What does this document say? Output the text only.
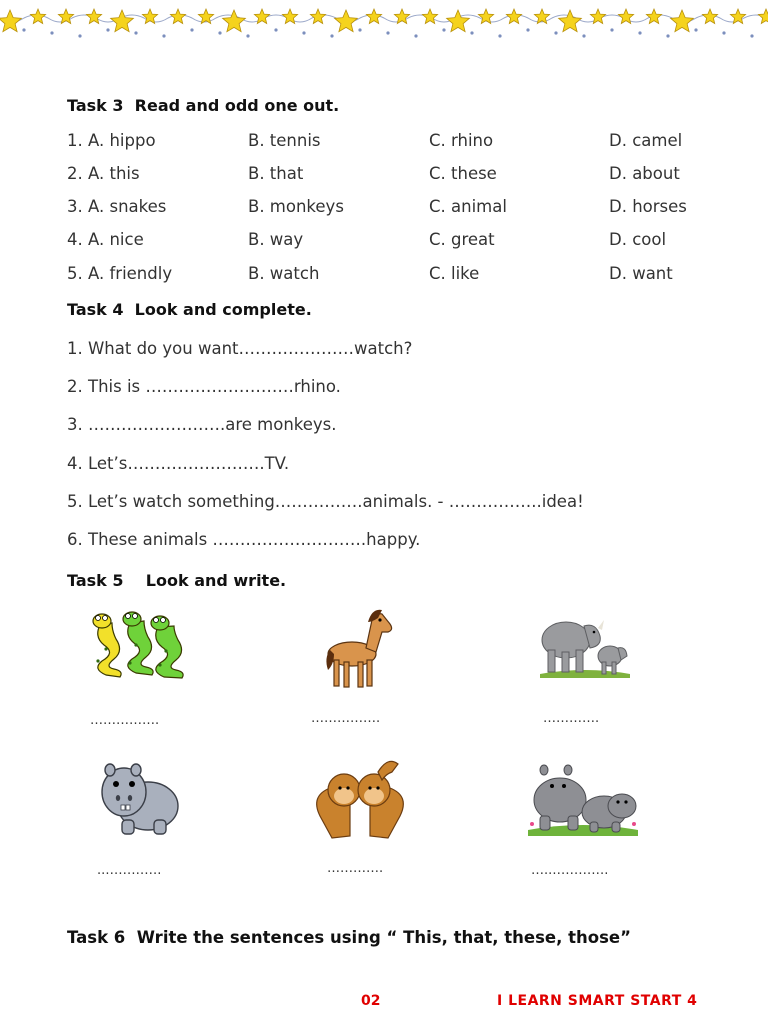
Task 3  Read and odd one out.
1. A. hippo	B. tennis	C. rhino	D. camel
2. A. this	B. that	C. these	D. about
3. A. snakes	B. monkeys	C. animal	D. horses
4. A. nice	B. way	C. great	D. cool
5. A. friendly	B. watch	C. like	D. want
Task 4  Look and complete.
1. What do you want…………………watch?
2. This is ………………………rhino.
3. …………………….are monkeys.
4. Let’s…………………….TV.
5. Let’s watch something…………….animals. - ……………..idea!
6. These animals ……………………….happy.
Task 5    Look and write.
…………….	…………….	………….
..………….	………….	…..………….
Task 6  Write the sentences using “ This, that, these, those”
02	I LEARN SMART START 4
